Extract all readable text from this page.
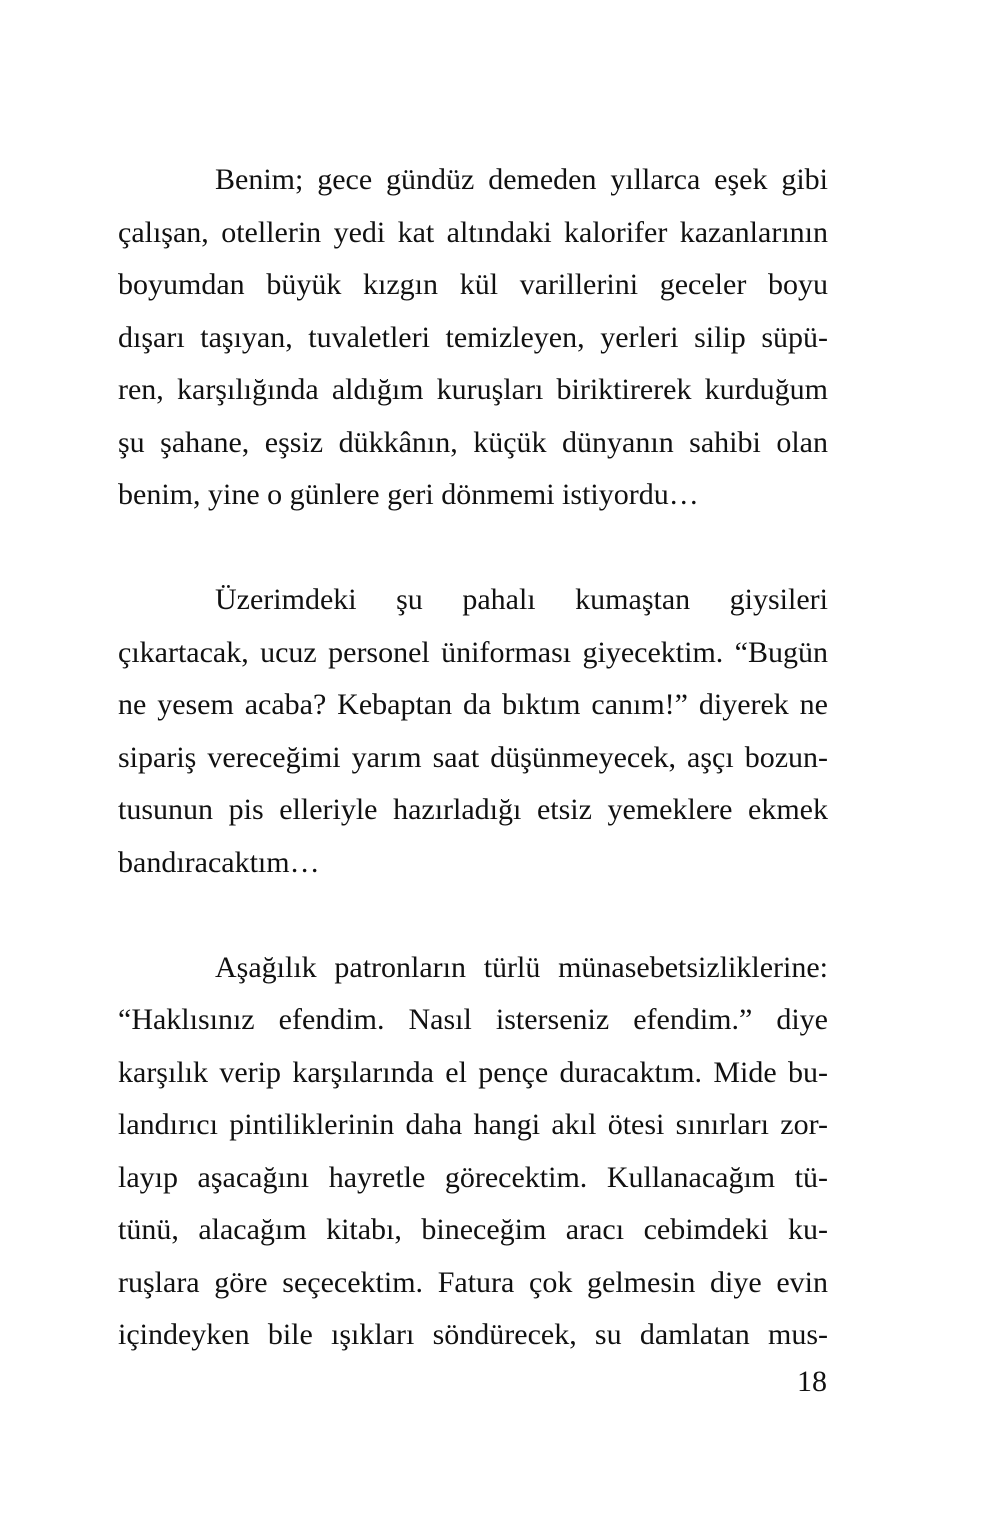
Benim; gece gündüz demeden yıllarca eşek gibi
çalışan, otellerin yedi kat altındaki kalorifer kazanlarının
boyumdan büyük kızgın kül varillerini geceler boyu
dışarı taşıyan, tuvaletleri temizleyen, yerleri silip süpü-
ren, karşılığında aldığım kuruşları biriktirerek kurduğum
şu şahane, eşsiz dükkânın, küçük dünyanın sahibi olan
benim, yine o günlere geri dönmemi istiyordu…
Üzerimdeki şu pahalı kumaştan giysileri
çıkartacak, ucuz personel üniforması giyecektim. “Bugün
ne yesem acaba? Kebaptan da bıktım canım!” diyerek ne
sipariş vereceğimi yarım saat düşünmeyecek, aşçı bozun-
tusunun pis elleriyle hazırladığı etsiz yemeklere ekmek
bandıracaktım…
Aşağılık patronların türlü münasebetsizliklerine:
“Haklısınız efendim. Nasıl isterseniz efendim.” diye
karşılık verip karşılarında el pençe duracaktım. Mide bu-
landırıcı pintiliklerinin daha hangi akıl ötesi sınırları zor-
layıp aşacağını hayretle görecektim. Kullanacağım tü-
tünü, alacağım kitabı, bineceğim aracı cebimdeki ku-
ruşlara göre seçecektim. Fatura çok gelmesin diye evin
içindeyken bile ışıkları söndürecek, su damlatan mus-
18
